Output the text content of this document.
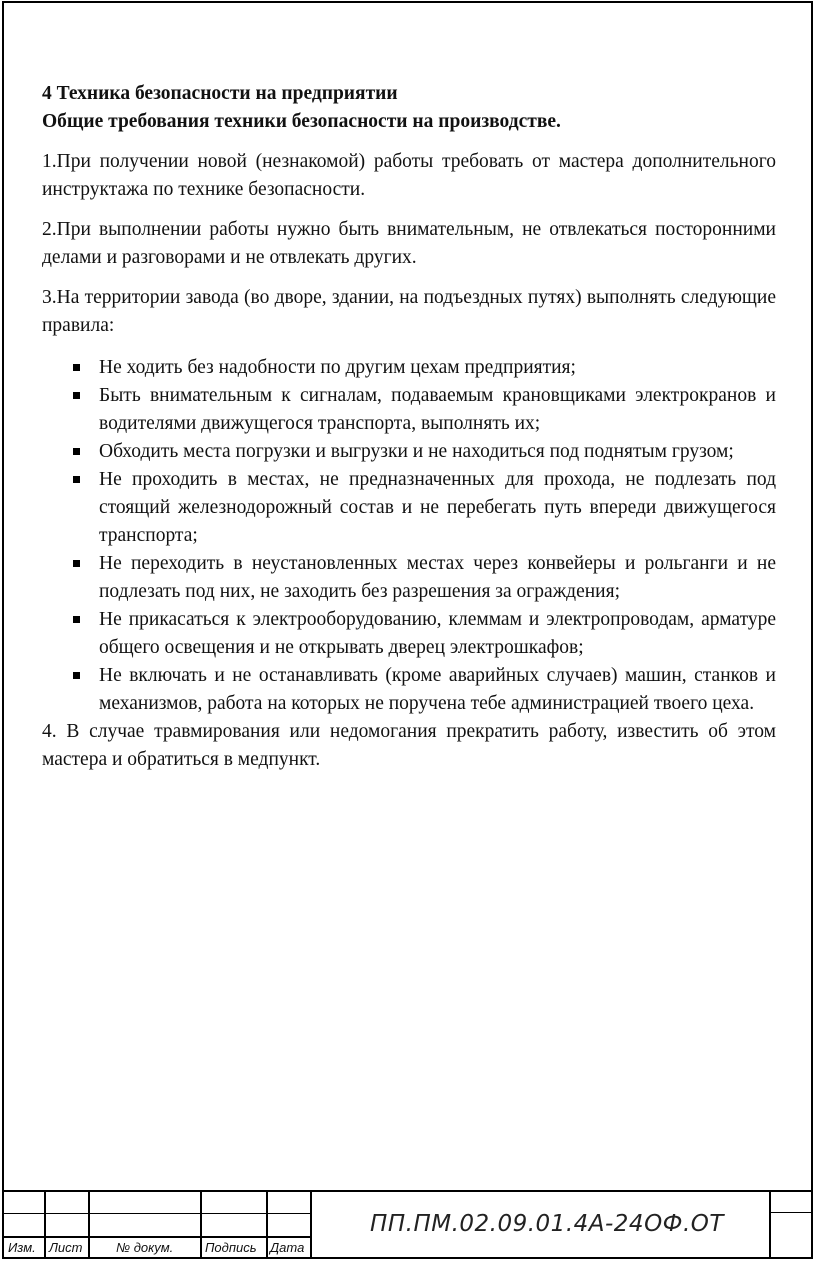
4 Техника безопасности на предприятии

Общие требования техники безопасности на производстве.

1.При получении новой (незнакомой) работы требовать от мастера дополнительного инструктажа по технике безопасности.

2.При выполнении работы нужно быть внимательным, не отвлекаться посторонними делами и разговорами и не отвлекать других.

3.На территории завода (во дворе, здании, на подъездных путях) выполнять следующие правила:

Не ходить без надобности по другим цехам предприятия;
Быть внимательным к сигналам, подаваемым крановщиками электрокранов и водителями движущегося транспорта, выполнять их;
Обходить места погрузки и выгрузки и не находиться под поднятым грузом;
Не проходить в местах, не предназначенных для прохода, не подлезать под стоящий железнодорожный состав и не перебегать путь впереди движущегося транспорта;
Не переходить в неустановленных местах через конвейеры и рольганги и не подлезать под них, не заходить без разрешения за ограждения;
Не прикасаться к электрооборудованию, клеммам и электропроводам, арматуре общего освещения и не открывать дверец электрошкафов;
Не включать и не останавливать (кроме аварийных случаев) машин, станков и механизмов, работа на которых не поручена тебе администрацией твоего цеха.

4. В случае травмирования или недомогания прекратить работу, известить об этом мастера и обратиться в медпункт.

Изм. Лист	№ докум. Подпись Дата
ПП.ПМ.02.09.01.4А-24ОФ.ОТ
